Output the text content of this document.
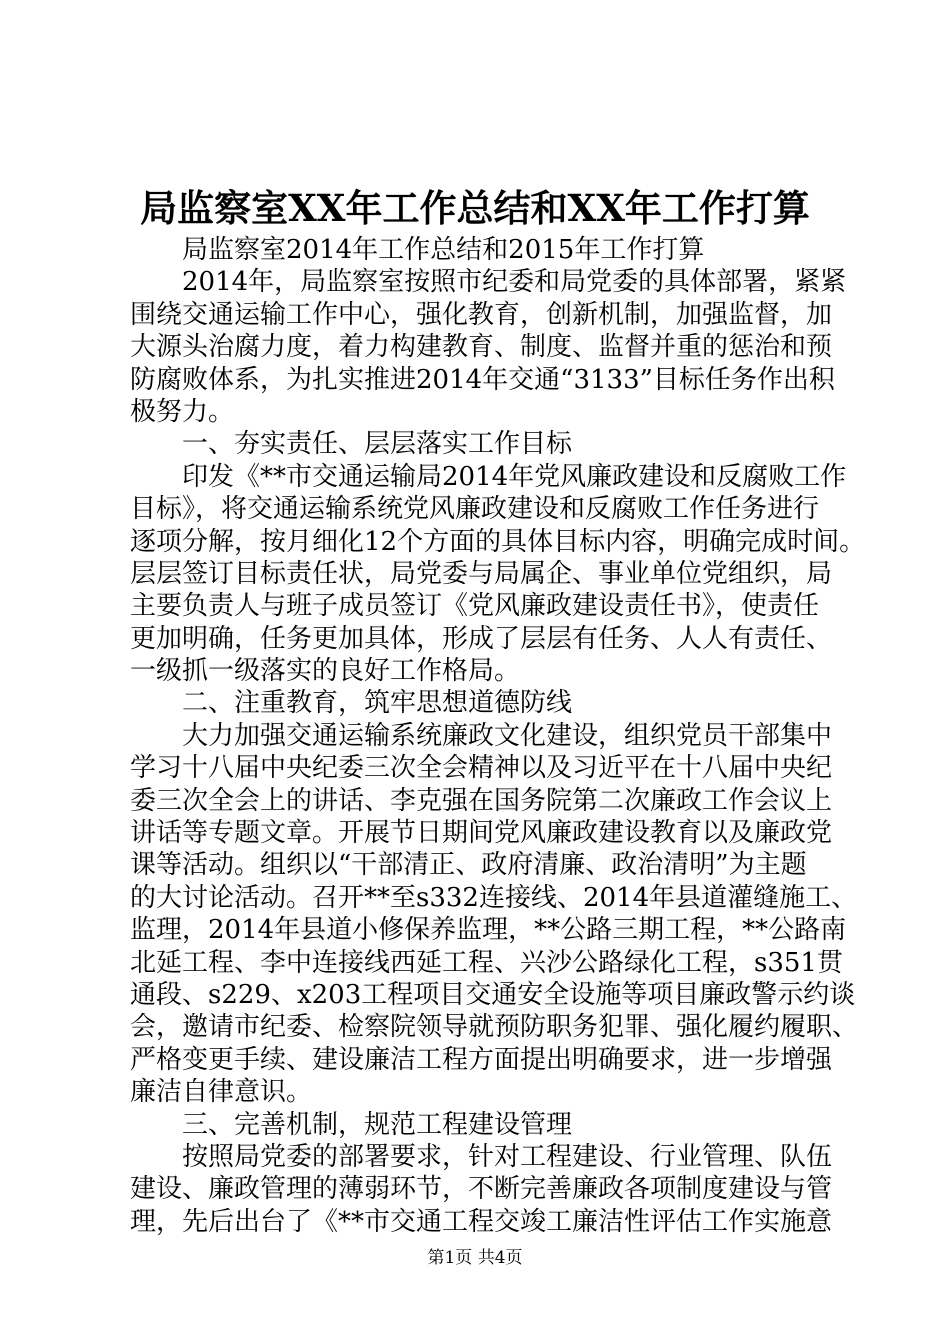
局监察室XX年工作总结和XX年工作打算
局监察室2014年工作总结和2015年工作打算
2014年，局监察室按照市纪委和局党委的具体部署，紧紧
围绕交通运输工作中心，强化教育，创新机制，加强监督，加
大源头治腐力度，着力构建教育、制度、监督并重的惩治和预
防腐败体系，为扎实推进2014年交通“3133”目标任务作出积
极努力。
一、夯实责任、层层落实工作目标
印发《**市交通运输局2014年党风廉政建设和反腐败工作
目标》，将交通运输系统党风廉政建设和反腐败工作任务进行
逐项分解，按月细化12个方面的具体目标内容，明确完成时间。
层层签订目标责任状，局党委与局属企、事业单位党组织，局
主要负责人与班子成员签订《党风廉政建设责任书》，使责任
更加明确，任务更加具体，形成了层层有任务、人人有责任、
一级抓一级落实的良好工作格局。
二、注重教育，筑牢思想道德防线
大力加强交通运输系统廉政文化建设，组织党员干部集中
学习十八届中央纪委三次全会精神以及习近平在十八届中央纪
委三次全会上的讲话、李克强在国务院第二次廉政工作会议上
讲话等专题文章。开展节日期间党风廉政建设教育以及廉政党
课等活动。组织以“干部清正、政府清廉、政治清明”为主题
的大讨论活动。召开**至s332连接线、2014年县道灌缝施工、
监理，2014年县道小修保养监理，**公路三期工程，**公路南
北延工程、李中连接线西延工程、兴沙公路绿化工程，s351贯
通段、s229、x203工程项目交通安全设施等项目廉政警示约谈
会，邀请市纪委、检察院领导就预防职务犯罪、强化履约履职、
严格变更手续、建设廉洁工程方面提出明确要求，进一步增强
廉洁自律意识。
三、完善机制，规范工程建设管理
按照局党委的部署要求，针对工程建设、行业管理、队伍
建设、廉政管理的薄弱环节，不断完善廉政各项制度建设与管
理，先后出台了《**市交通工程交竣工廉洁性评估工作实施意
第1页 共4页
